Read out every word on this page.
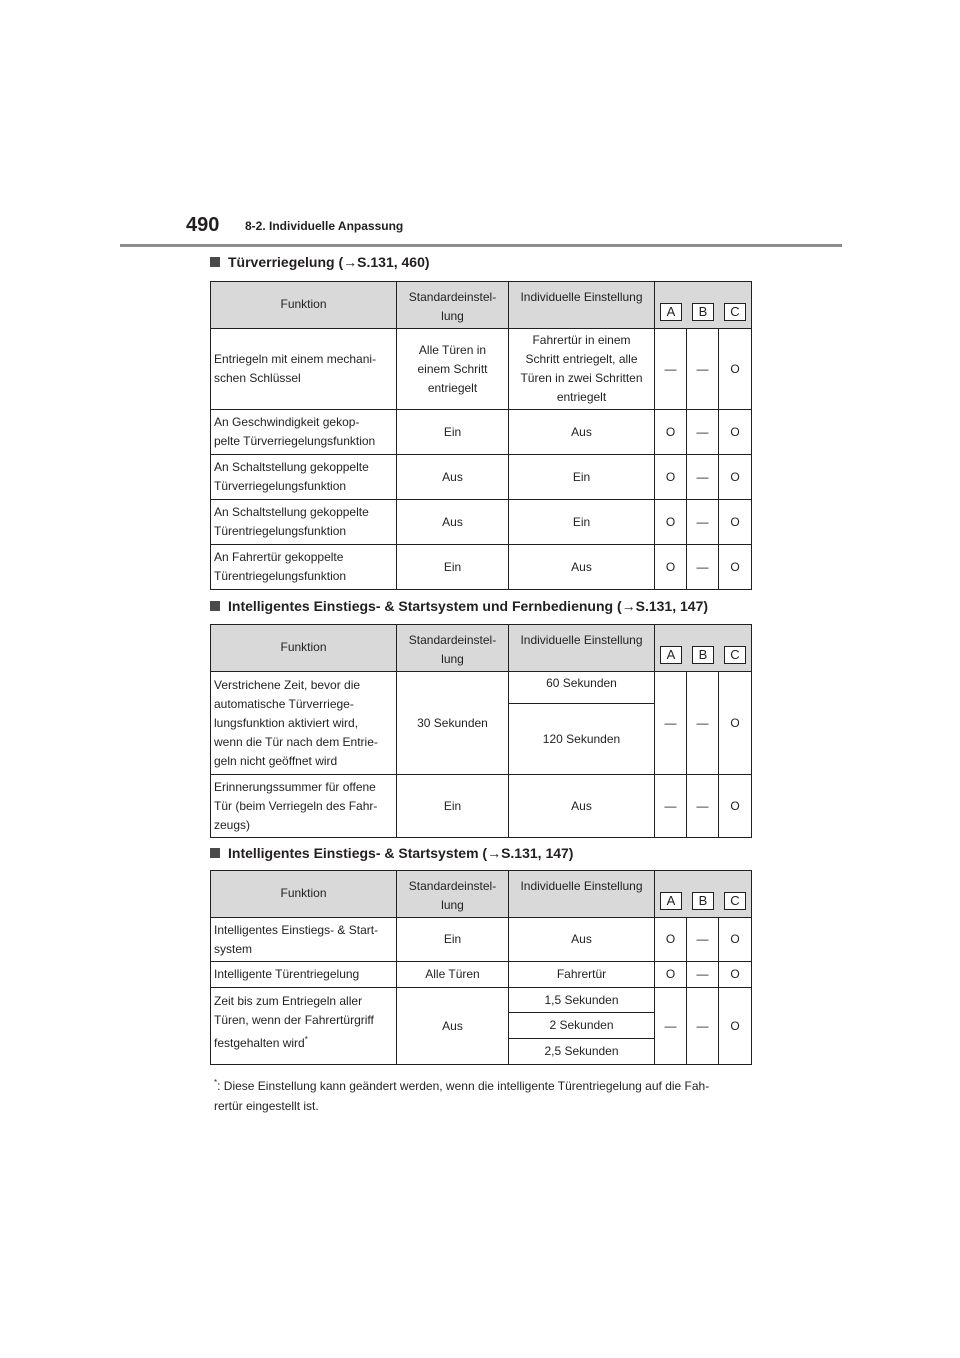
490 8-2. Individuelle Anpassung
Türverriegelung ( →S.131, 460)
Funktion	Standardeinstel-
lung	Individuelle Einstellung	A B C		

Entriegeln mit einem mechani-
schen Schlüssel	Alle Türen in
einem Schritt
entriegelt	Fahrertür in einem
Schritt entriegelt, alle
Türen in zwei Schritten
entriegelt	—	—	O
An Geschwindigkeit gekop-
pelte Türverriegelungsfunktion	Ein	Aus	O	—	O
An Schaltstellung gekoppelte
Türverriegelungsfunktion	Aus	Ein	O	—	O
An Schaltstellung gekoppelte
Türentriegelungsfunktion	Aus	Ein	O	—	O
An Fahrertür gekoppelte
Türentriegelungsfunktion	Ein	Aus	O	—	O
Intelligentes Einstiegs- & Startsystem und Fernbedienung ( →S.131, 147)
Funktion	Standardeinstel-
lung	Individuelle Einstellung	A B C		

Verstrichene Zeit, bevor die
automatische Türverriege-
lungsfunktion aktiviert wird,
wenn die Tür nach dem Entrie-
geln nicht geöffnet wird	30 Sekunden	60 Sekunden	—	—	O
		120 Sekunden			
Erinnerungssummer für offene
Tür (beim Verriegeln des Fahr-
zeugs)	Ein	Aus	—	—	O
Intelligentes Einstiegs- & Startsystem ( →S.131, 147)
Funktion	Standardeinstel-
lung	Individuelle Einstellung	A B C		

Intelligentes Einstiegs- & Start-
system	Ein	Aus	O	—	O
Intelligente Türentriegelung	Alle Türen	Fahrertür	O	—	O
Zeit bis zum Entriegeln aller
Türen, wenn der Fahrertürgriff
festgehalten wird*	Aus	1,5 Sekunden	—	—	O
		2 Sekunden			
		2,5 Sekunden			
*: Diese Einstellung kann geändert werden, wenn die intelligente Türentriegelung auf die Fah-
rertür eingestellt ist.
